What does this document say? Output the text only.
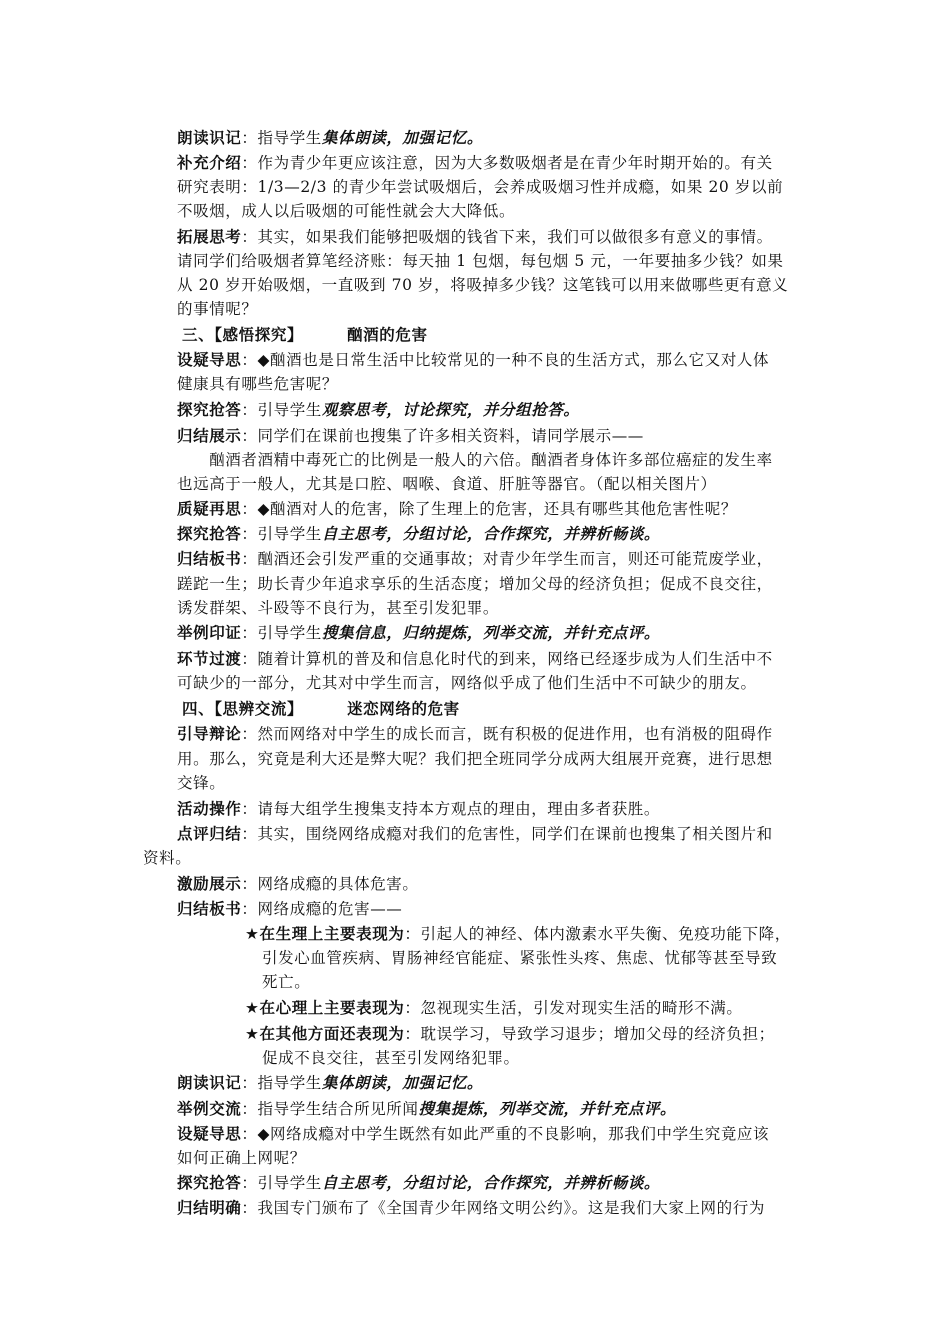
朗读识记：指导学生集体朗读，加强记忆。
补充介绍：作为青少年更应该注意，因为大多数吸烟者是在青少年时期开始的。有关
研究表明：1/3—2/3 的青少年尝试吸烟后，会养成吸烟习性并成瘾，如果 20 岁以前
不吸烟，成人以后吸烟的可能性就会大大降低。
拓展思考：其实，如果我们能够把吸烟的钱省下来，我们可以做很多有意义的事情。
请同学们给吸烟者算笔经济账：每天抽 1 包烟，每包烟 5 元，一年要抽多少钱？如果
从 20 岁开始吸烟，一直吸到 70 岁，将吸掉多少钱？这笔钱可以用来做哪些更有意义
的事情呢？
三、【感悟探究】	酗酒的危害
设疑导思：◆酗酒也是日常生活中比较常见的一种不良的生活方式，那么它又对人体
健康具有哪些危害呢？
探究抢答：引导学生观察思考，讨论探究，并分组抢答。
归结展示：同学们在课前也搜集了许多相关资料，请同学展示——
　　酗酒者酒精中毒死亡的比例是一般人的六倍。酗酒者身体许多部位癌症的发生率
也远高于一般人，尤其是口腔、咽喉、食道、肝脏等器官。（配以相关图片）
质疑再思：◆酗酒对人的危害，除了生理上的危害，还具有哪些其他危害性呢？
探究抢答：引导学生自主思考，分组讨论，合作探究，并辨析畅谈。
归结板书：酗酒还会引发严重的交通事故；对青少年学生而言，则还可能荒废学业，
蹉跎一生；助长青少年追求享乐的生活态度；增加父母的经济负担；促成不良交往，
诱发群架、斗殴等不良行为，甚至引发犯罪。
举例印证：引导学生搜集信息，归纳提炼，列举交流，并针充点评。
环节过渡：随着计算机的普及和信息化时代的到来，网络已经逐步成为人们生活中不
可缺少的一部分，尤其对中学生而言，网络似乎成了他们生活中不可缺少的朋友。
四、【思辨交流】	迷恋网络的危害
引导辩论：然而网络对中学生的成长而言，既有积极的促进作用，也有消极的阻碍作
用。那么，究竟是利大还是弊大呢？我们把全班同学分成两大组展开竞赛，进行思想
交锋。
活动操作：请每大组学生搜集支持本方观点的理由，理由多者获胜。
点评归结：其实，围绕网络成瘾对我们的危害性，同学们在课前也搜集了相关图片和
资料。
激励展示：网络成瘾的具体危害。
归结板书：网络成瘾的危害——
★在生理上主要表现为：引起人的神经、体内激素水平失衡、免疫功能下降，
引发心血管疾病、胃肠神经官能症、紧张性头疼、焦虑、忧郁等甚至导致
死亡。
★在心理上主要表现为：忽视现实生活，引发对现实生活的畸形不满。
★在其他方面还表现为：耽误学习，导致学习退步；增加父母的经济负担；
促成不良交往，甚至引发网络犯罪。
朗读识记：指导学生集体朗读，加强记忆。
举例交流：指导学生结合所见所闻搜集提炼，列举交流，并针充点评。
设疑导思：◆网络成瘾对中学生既然有如此严重的不良影响，那我们中学生究竟应该
如何正确上网呢？
探究抢答：引导学生自主思考，分组讨论，合作探究，并辨析畅谈。
归结明确：我国专门颁布了《全国青少年网络文明公约》。这是我们大家上网的行为
